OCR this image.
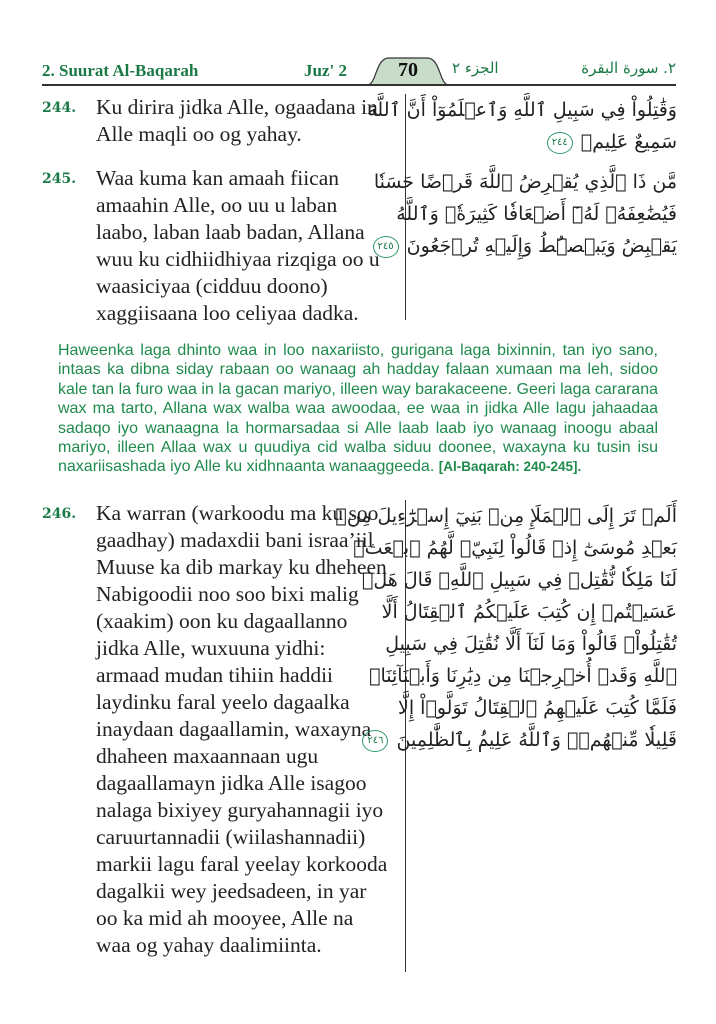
2. Suurat Al-Baqarah	Juz' 2	70	الجزء ٢	٢. سورة البقرة
244. Ku dirira jidka Alle, ogaadana in Alle maqli oo og yahay.
245. Waa kuma kan amaah fiican amaahin Alle, oo uu u laban laabo, laban laab badan, Allana wuu ku cidhiidhiyaa rizqiga oo u waasiciyaa (cidduu doono) xaggiisaana loo celiyaa dadka.
وَقَٰتِلُواْ فِي سَبِيلِ ٱللَّهِ وَٱعۡلَمُوٓاْ أَنَّ ٱللَّهَ
سَمِيعٌ عَلِيمٞ ٢٤٤
مَّن ذَا ٱلَّذِي يُقۡرِضُ ٱللَّهَ قَرۡضًا حَسَنٗا
فَيُضَٰعِفَهُۥ لَهُۥٓ أَضۡعَافٗا كَثِيرَةٗۚ وَٱللَّهُ
يَقۡبِضُ وَيَبۡصُۜطُ وَإِلَيۡهِ تُرۡجَعُونَ ٢٤٥
Haweenka laga dhinto waa in loo naxariisto, gurigana laga bixinnin, tan iyo sano, intaas ka dibna siday rabaan oo wanaag ah hadday falaan xumaan ma leh, sidoo kale tan la furo waa in la gacan mariyo, illeen way barakaceene. Geeri laga cararana wax ma tarto, Allana wax walba waa awoodaa, ee waa in jidka Alle lagu jahaadaa sadaqo iyo wanaagna la hormarsadaa si Alle laab laab iyo wanaag inoogu abaal mariyo, illeen Allaa wax u quudiya cid walba siduu doonee, waxayna ku tusin isu naxariisashada iyo Alle ku xidhnaanta wanaaggeeda. [Al-Baqarah: 240-245].
246. Ka warran (warkoodu ma ku soo gaadhay) madaxdii bani israa’iil Muuse ka dib markay ku dheheen Nabigoodii noo soo bixi malig (xaakim) oon ku dagaallanno jidka Alle, wuxuuna yidhi: armaad mudan tihiin haddii laydinku faral yeelo dagaalka inaydaan dagaallamin, waxayna dhaheen maxaannaan ugu dagaallamayn jidka Alle isagoo nalaga bixiyey guryahannagii iyo caruurtannadii (wiilashannadii) markii lagu faral yeelay korkooda dagalkii wey jeedsadeen, in yar oo ka mid ah mooyee, Alle na waa og yahay daalimiinta.
أَلَمۡ تَرَ إِلَى ٱلۡمَلَإِ مِنۢ بَنِيٓ إِسۡرَٰٓءِيلَ مِنۢ
بَعۡدِ مُوسَىٰٓ إِذۡ قَالُواْ لِنَبِيّٖ لَّهُمُ ٱبۡعَثۡ
لَنَا مَلِكٗا نُّقَٰتِلۡ فِي سَبِيلِ ٱللَّهِۖ قَالَ هَلۡ
عَسَيۡتُمۡ إِن كُتِبَ عَلَيۡكُمُ ٱلۡقِتَالُ أَلَّا
تُقَٰتِلُواْۖ قَالُواْ وَمَا لَنَآ أَلَّا نُقَٰتِلَ فِي سَبِيلِ
ٱللَّهِ وَقَدۡ أُخۡرِجۡنَا مِن دِيَٰرِنَا وَأَبۡنَآئِنَاۖ
فَلَمَّا كُتِبَ عَلَيۡهِمُ ٱلۡقِتَالُ تَوَلَّوۡاْ إِلَّا
قَلِيلٗا مِّنۡهُمۡۚ وَٱللَّهُ عَلِيمُۢ بِٱلظَّٰلِمِينَ ٢٤٦
